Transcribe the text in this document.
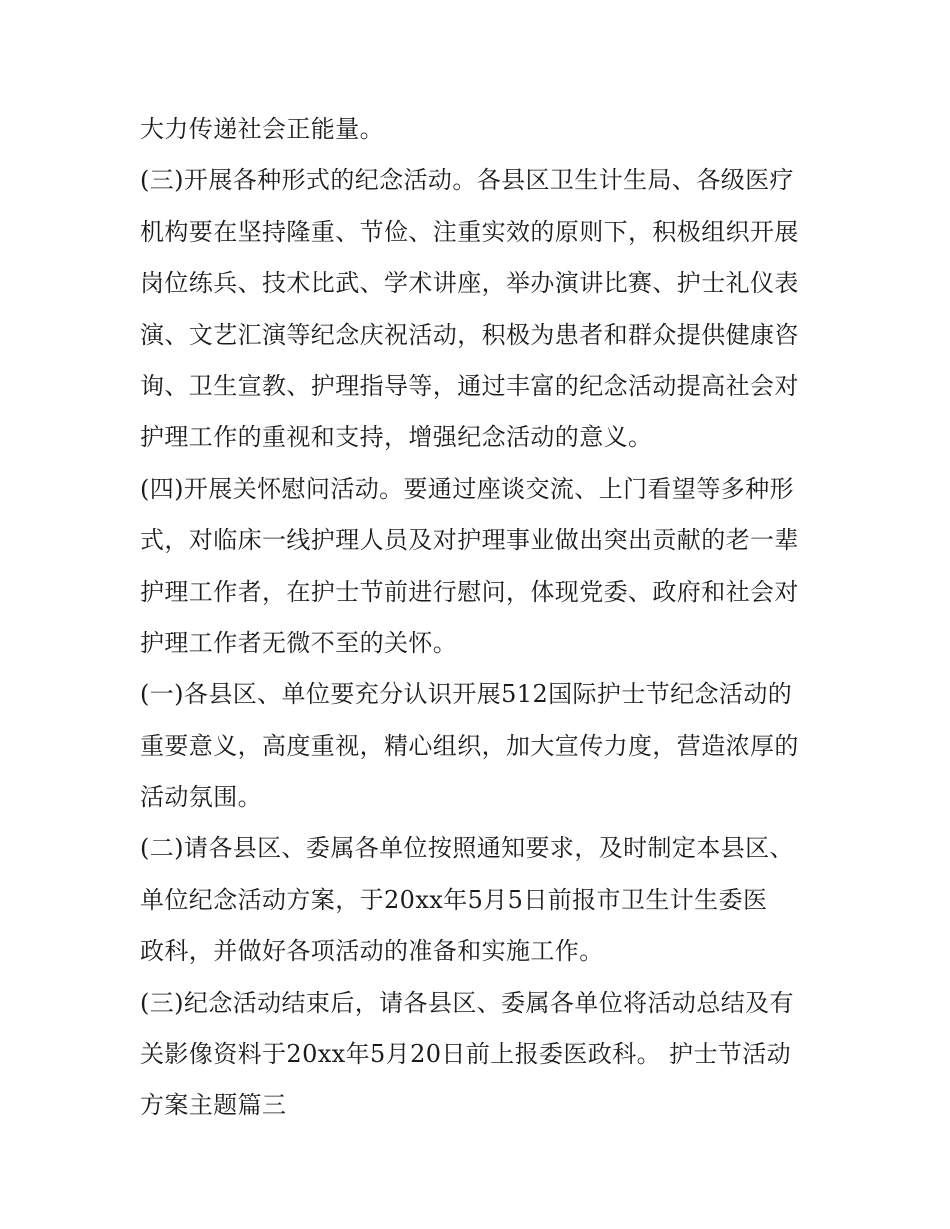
大力传递社会正能量。
(三)开展各种形式的纪念活动。各县区卫生计生局、各级医疗
机构要在坚持隆重、节俭、注重实效的原则下，积极组织开展
岗位练兵、技术比武、学术讲座，举办演讲比赛、护士礼仪表
演、文艺汇演等纪念庆祝活动，积极为患者和群众提供健康咨
询、卫生宣教、护理指导等，通过丰富的纪念活动提高社会对
护理工作的重视和支持，增强纪念活动的意义。
(四)开展关怀慰问活动。要通过座谈交流、上门看望等多种形
式，对临床一线护理人员及对护理事业做出突出贡献的老一辈
护理工作者，在护士节前进行慰问，体现党委、政府和社会对
护理工作者无微不至的关怀。
(一)各县区、单位要充分认识开展512国际护士节纪念活动的
重要意义，高度重视，精心组织，加大宣传力度，营造浓厚的
活动氛围。
(二)请各县区、委属各单位按照通知要求，及时制定本县区、
单位纪念活动方案，于20xx年5月5日前报市卫生计生委医
政科，并做好各项活动的准备和实施工作。
(三)纪念活动结束后，请各县区、委属各单位将活动总结及有
关影像资料于20xx年5月20日前上报委医政科。 护士节活动
方案主题篇三
